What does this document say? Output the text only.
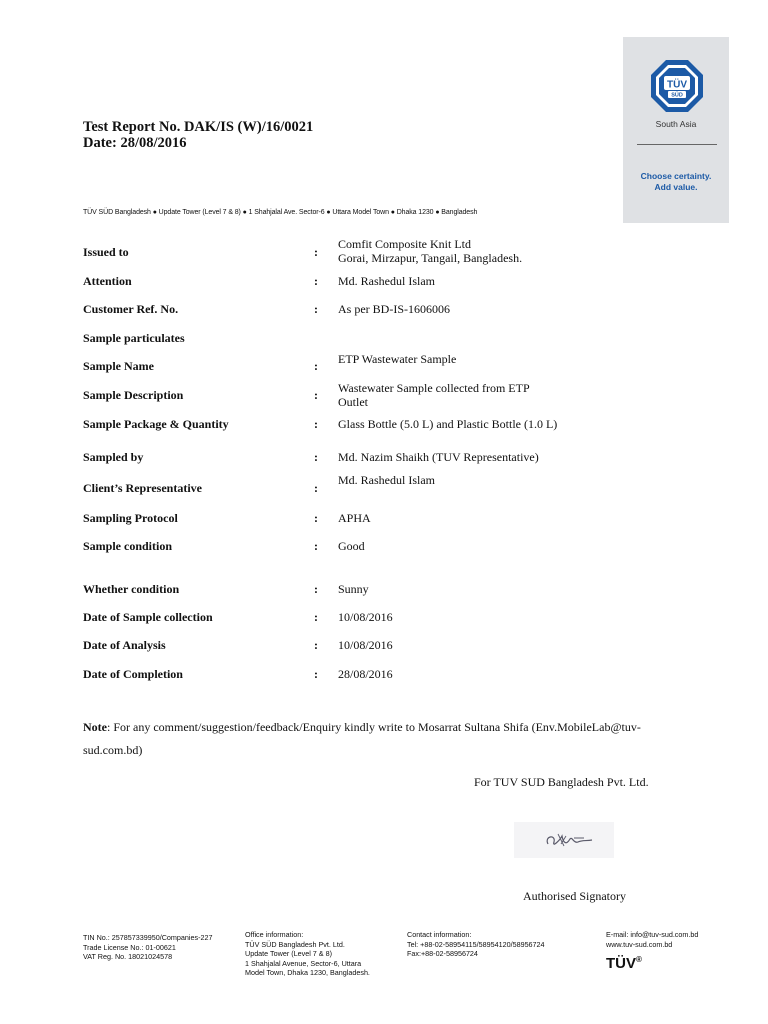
TÜV
SÜD
South Asia
Choose certainty.
Add value.
Test Report No. DAK/IS (W)/16/0021
Date: 28/08/2016
TÜV SÜD Bangladesh ● Update Tower (Level 7 & 8) ● 1 Shahjalal Ave. Sector-6 ● Uttara Model Town ● Dhaka 1230 ● Bangladesh
Issued to	:
Comfit Composite Knit Ltd
Gorai, Mirzapur, Tangail, Bangladesh.
Attention	: Md. Rashedul Islam
Customer Ref. No.	: As per BD-IS-1606006
Sample particulates
Sample Name	: ETP Wastewater Sample
Sample Description	: Wastewater Sample collected from ETP
Outlet
Sample Package & Quantity	: Glass Bottle (5.0 L) and Plastic Bottle (1.0 L)
Sampled by	: Md. Nazim Shaikh (TUV Representative)
Client’s Representative	:
Md. Rashedul Islam
Sampling Protocol	: APHA
Sample condition	: Good
Whether condition	: Sunny
Date of Sample collection	: 10/08/2016
Date of Analysis	: 10/08/2016
Date of Completion	: 28/08/2016
Note: For any comment/suggestion/feedback/Enquiry kindly write to Mosarrat Sultana Shifa (Env.MobileLab@tuv-sud.com.bd)
For TUV SUD Bangladesh Pvt. Ltd.
Authorised Signatory
TIN No.: 257857339950/Companies-227
Trade License No.: 01-00621
VAT Reg. No. 18021024578
Office information:
TÜV SÜD Bangladesh Pvt. Ltd.
Update Tower (Level 7 & 8)
1 Shahjalal Avenue, Sector-6, Uttara
Model Town, Dhaka 1230, Bangladesh.
Contact information:
Tel: +88-02-58954115/58954120/58956724
Fax:+88-02-58956724
E-mail: info@tuv-sud.com.bd
www.tuv-sud.com.bd
TÜV®
